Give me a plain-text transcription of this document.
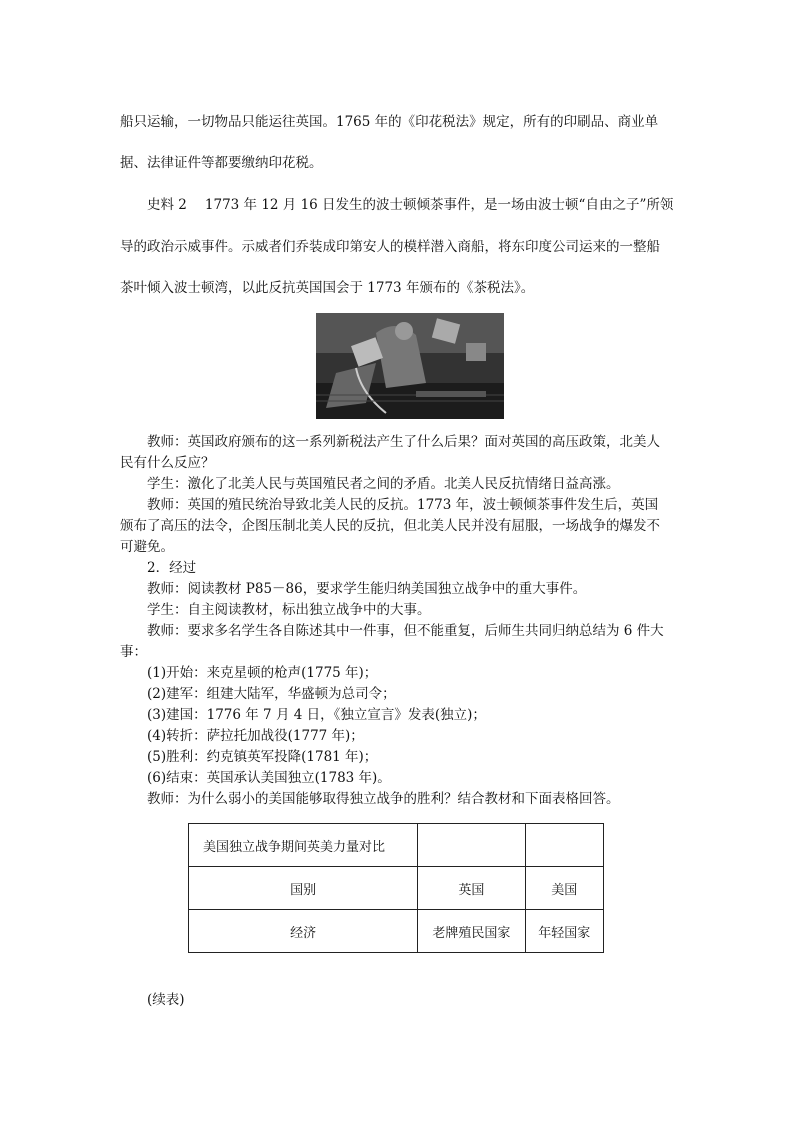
船只运输，一切物品只能运往英国。1765 年的《印花税法》规定，所有的印刷品、商业单
据、法律证件等都要缴纳印花税。
史料 2 1773 年 12 月 16 日发生的波士顿倾茶事件，是一场由波士顿“自由之子”所领
导的政治示威事件。示威者们乔装成印第安人的模样潜入商船，将东印度公司运来的一整船
茶叶倾入波士顿湾，以此反抗英国国会于 1773 年颁布的《茶税法》。
教师：英国政府颁布的这一系列新税法产生了什么后果？面对英国的高压政策，北美人
民有什么反应？
学生：激化了北美人民与英国殖民者之间的矛盾。北美人民反抗情绪日益高涨。
教师：英国的殖民统治导致北美人民的反抗。1773 年，波士顿倾茶事件发生后，英国
颁布了高压的法令，企图压制北美人民的反抗，但北美人民并没有屈服，一场战争的爆发不
可避免。
2．经过
教师：阅读教材 P85－86，要求学生能归纳美国独立战争中的重大事件。
学生：自主阅读教材，标出独立战争中的大事。
教师：要求多名学生各自陈述其中一件事，但不能重复，后师生共同归纳总结为 6 件大
事：
(1)开始：来克星顿的枪声(1775 年)；
(2)建军：组建大陆军，华盛顿为总司令；
(3)建国：1776 年 7 月 4 日，《独立宣言》发表(独立)；
(4)转折：萨拉托加战役(1777 年)；
(5)胜利：约克镇英军投降(1781 年)；
(6)结束：英国承认美国独立(1783 年)。
教师：为什么弱小的美国能够取得独立战争的胜利？结合教材和下面表格回答。
美国独立战争期间英美力量对比		
国别	英国	美国
经济	老牌殖民国家	年轻国家
(续表)
